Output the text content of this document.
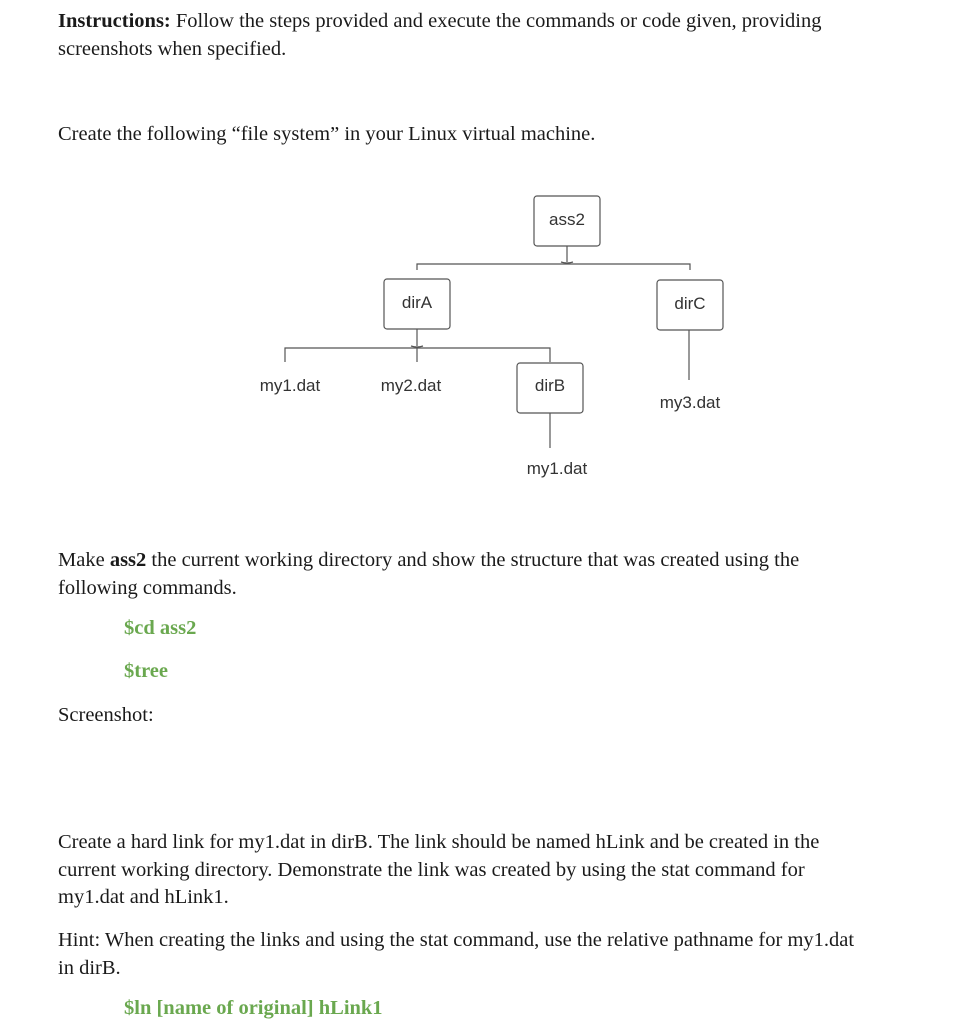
Instructions: Follow the steps provided and execute the commands or code given, providing
screenshots when specified.

Create the following “file system” in your Linux virtual machine.

ass2
dirA	dirC
my1.dat	my2.dat	dirB
my3.dat
my1.dat

Make ass2 the current working directory and show the structure that was created using the
following commands.

$cd ass2

$tree

Screenshot:

Create a hard link for my1.dat in dirB. The link should be named hLink and be created in the
current working directory. Demonstrate the link was created by using the stat command for
my1.dat and hLink1.

Hint: When creating the links and using the stat command, use the relative pathname for my1.dat
in dirB.

$ln [name of original] hLink1
